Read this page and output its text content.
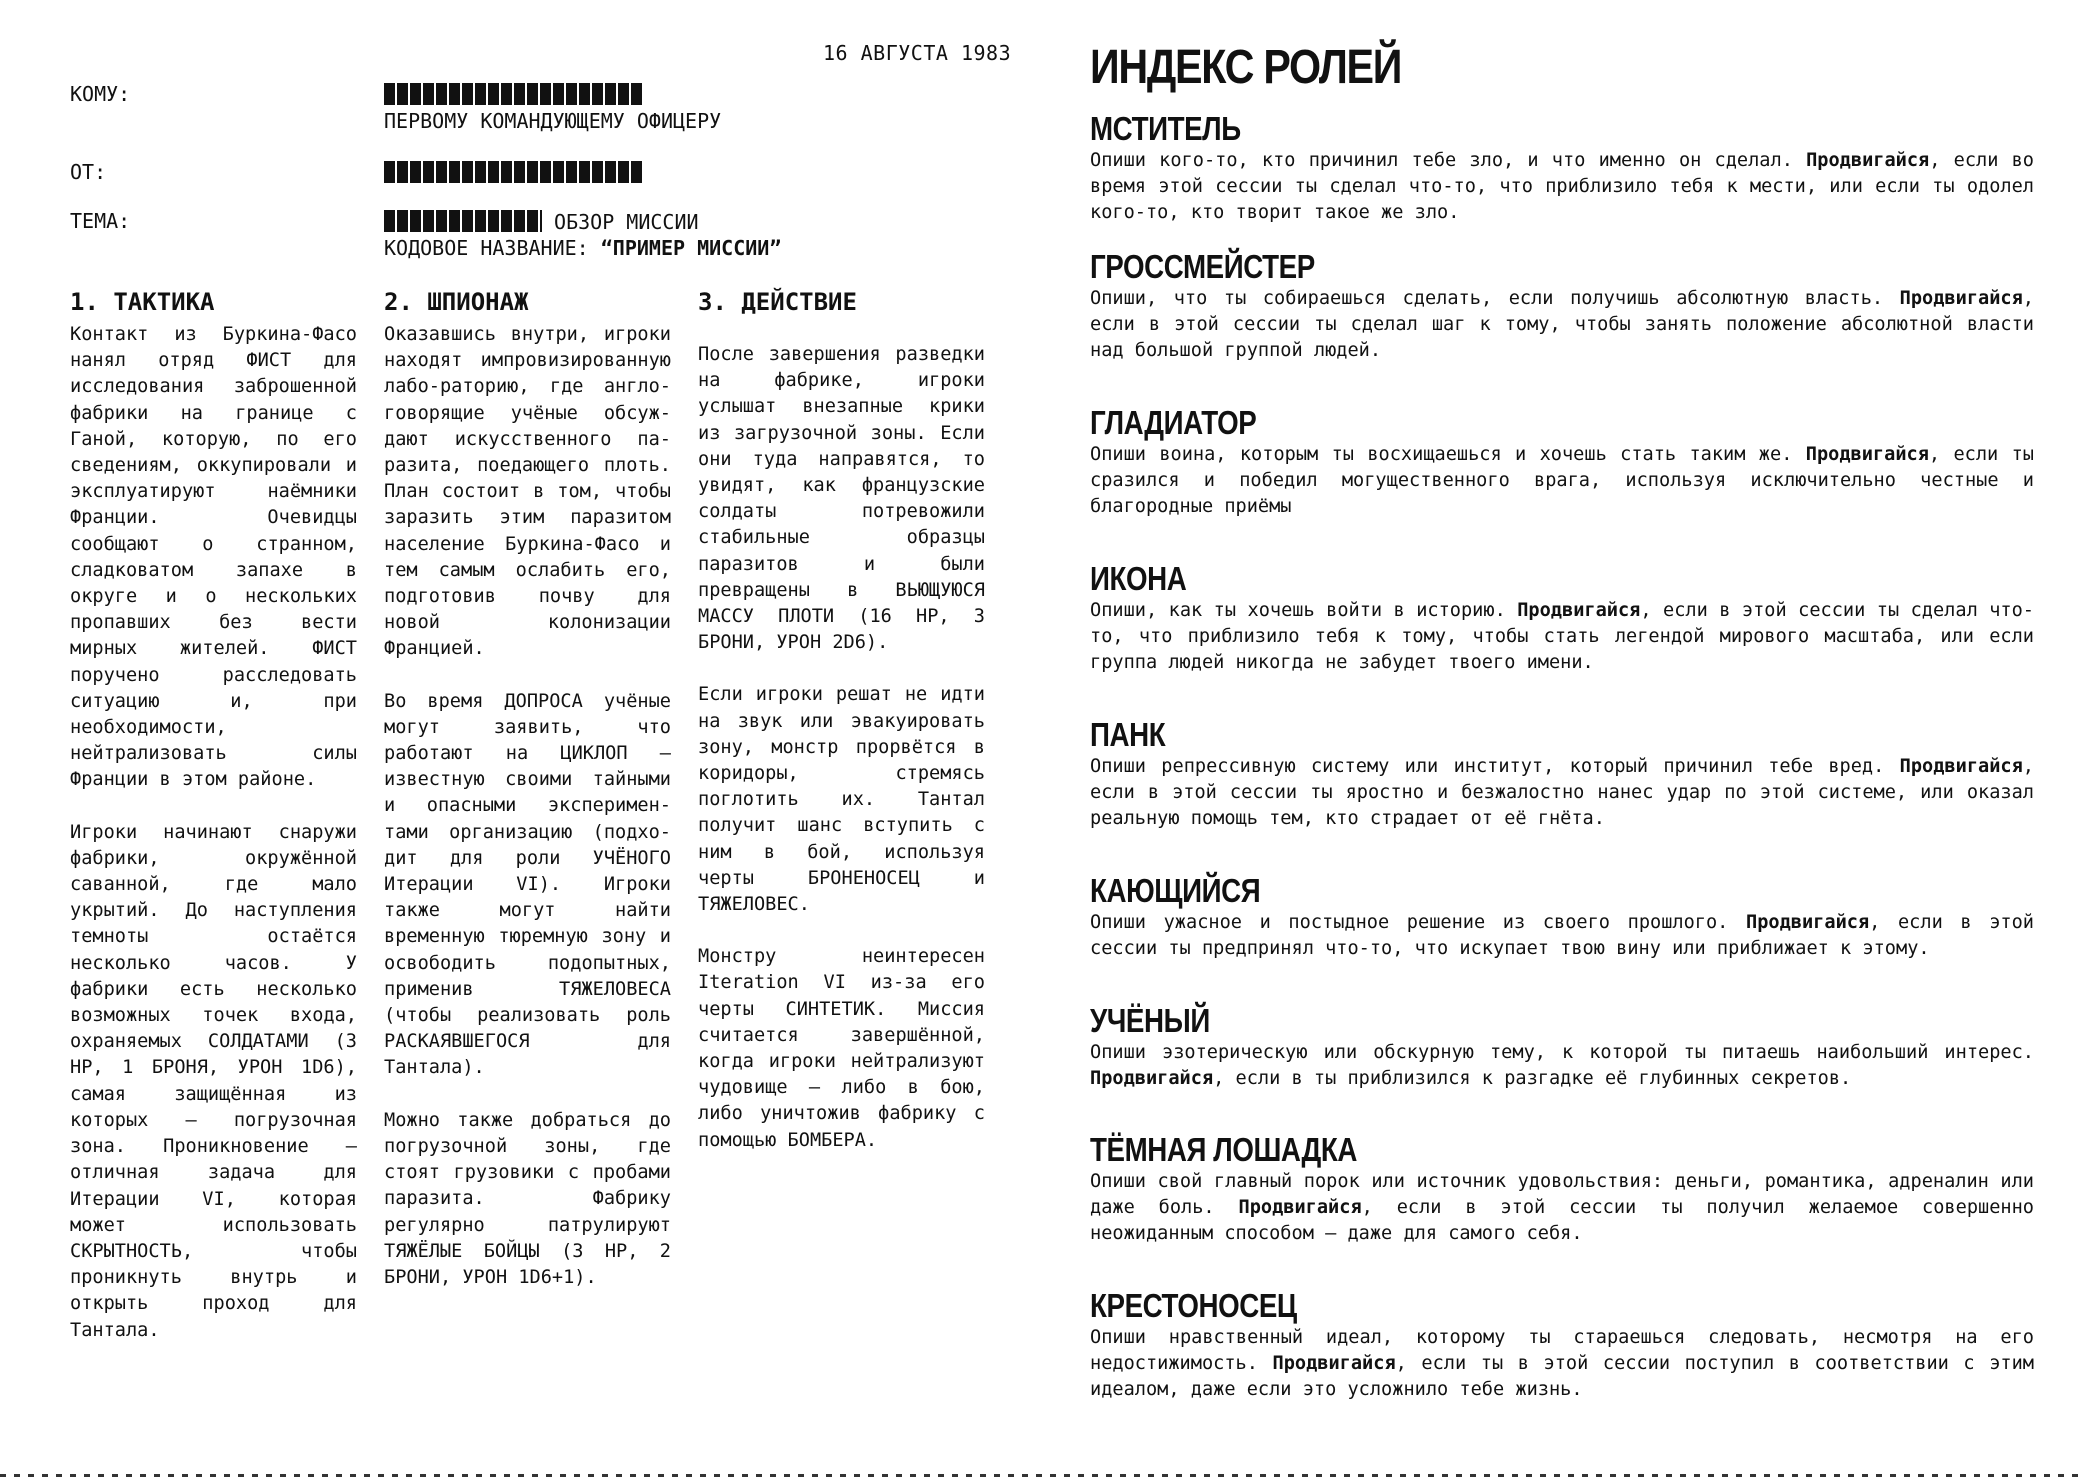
16 АВГУСТА 1983
КОМУ:

ПЕРВОМУ КОМАНДУЮЩЕМУ ОФИЦЕРУ
ОТ:
ТЕМА:	ОБЗОР МИССИИ
КОДОВОЕ НАЗВАНИЕ: “ПРИМЕР МИССИИ”
1. ТАКТИКА

Контакт из Буркина-Фасо нанял отряд ФИСТ для исследования заброшенной фабрики на границе с Ганой, которую, по его сведениям, оккупировали и эксплуатируют наёмники Франции. Очевидцы сообщают о странном, сладковатом запахе в округе и о нескольких пропавших без вести мирных жителей. ФИСТ поручено расследовать ситуацию и, при необходимости, нейтрализовать силы Франции в этом районе.

Игроки начинают снаружи фабрики, окружённой саванной, где мало укрытий. До наступления темноты остаётся несколько часов. У фабрики есть несколько возможных точек входа, охраняемых СОЛДАТАМИ (3 HP, 1 БРОНЯ, УРОН 1D6), самая защищённая из которых — погрузочная зона. Проникновение — отличная задача для Итерации VI, которая может использовать СКРЫТНОСТЬ, чтобы проникнуть внутрь и открыть проход для Тантала.

2. ШПИОНАЖ

Оказавшись внутри, игроки находят импровизированную лабо-раторию, где англо-говорящие учёные обсуж-дают искусственного па-разита, поедающего плоть. План состоит в том, чтобы заразить этим паразитом население Буркина-Фасо и тем самым ослабить его, подготовив почву для новой колонизации Францией.

Во время ДОПРОСА учёные могут заявить, что работают на ЦИКЛОП — известную своими тайными и опасными эксперимен-тами организацию (подхо-дит для роли УЧЁНОГО Итерации VI). Игроки также могут найти временную тюремную зону и освободить подопытных, применив ТЯЖЕЛОВЕСА (чтобы реализовать роль РАСКАЯВШЕГОСЯ для Тантала).

Можно также добраться до погрузочной зоны, где стоят грузовики с пробами паразита. Фабрику регулярно патрулируют ТЯЖЁЛЫЕ БОЙЦЫ (3 HP, 2 БРОНИ, УРОН 1D6+1).

3. ДЕЙСТВИЕ

После завершения разведки на фабрике, игроки услышат внезапные крики из загрузочной зоны. Если они туда направятся, то увидят, как французские солдаты потревожили стабильные образцы паразитов и были превращены в ВЬЮЩУЮСЯ МАССУ ПЛОТИ (16 HP, 3 БРОНИ, УРОН 2D6).

Если игроки решат не идти на звук или эвакуировать зону, монстр прорвётся в коридоры, стремясь поглотить их. Тантал получит шанс вступить с ним в бой, используя черты БРОНЕНОСЕЦ и ТЯЖЕЛОВЕС.

Монстру неинтересен Iteration VI из-за его черты СИНТЕТИК. Миссия считается завершённой, когда игроки нейтрализуют чудовище — либо в бою, либо уничтожив фабрику с помощью БОМБЕРА.

ИНДЕКС РОЛЕЙ
МСТИТЕЛЬ
Опиши кого-то, кто причинил тебе зло, и что именно он сделал. Продвигайся, если во время этой сессии ты сделал что-то, что приблизило тебя к мести, или если ты одолел кого-то, кто творит такое же зло.
ГРОССМЕЙСТЕР
Опиши, что ты собираешься сделать, если получишь абсолютную власть. Продвигайся, если в этой сессии ты сделал шаг к тому, чтобы занять положение абсолютной власти над большой группой людей.
ГЛАДИАТОР
Опиши воина, которым ты восхищаешься и хочешь стать таким же. Продвигайся, если ты сразился и победил могущественного врага, используя исключительно честные и благородные приёмы
ИКОНА
Опиши, как ты хочешь войти в историю. Продвигайся, если в этой сессии ты сделал что-то, что приблизило тебя к тому, чтобы стать легендой мирового масштаба, или если группа людей никогда не забудет твоего имени.
ПАНК
Опиши репрессивную систему или институт, который причинил тебе вред. Продвигайся, если в этой сессии ты яростно и безжалостно нанес удар по этой системе, или оказал реальную помощь тем, кто страдает от её гнёта.
КАЮЩИЙСЯ
Опиши ужасное и постыдное решение из своего прошлого. Продвигайся, если в этой сессии ты предпринял что-то, что искупает твою вину или приближает к этому.
УЧЁНЫЙ
Опиши эзотерическую или обскурную тему, к которой ты питаешь наибольший интерес. Продвигайся, если в ты приблизился к разгадке её глубинных секретов.
ТЁМНАЯ ЛОШАДКА
Опиши свой главный порок или источник удовольствия: деньги, романтика, адреналин или даже боль. Продвигайся, если в этой сессии ты получил желаемое совершенно неожиданным способом — даже для самого себя.
КРЕСТОНОСЕЦ
Опиши нравственный идеал, которому ты стараешься следовать, несмотря на его недостижимость. Продвигайся, если ты в этой сессии поступил в соответствии с этим идеалом, даже если это усложнило тебе жизнь.
